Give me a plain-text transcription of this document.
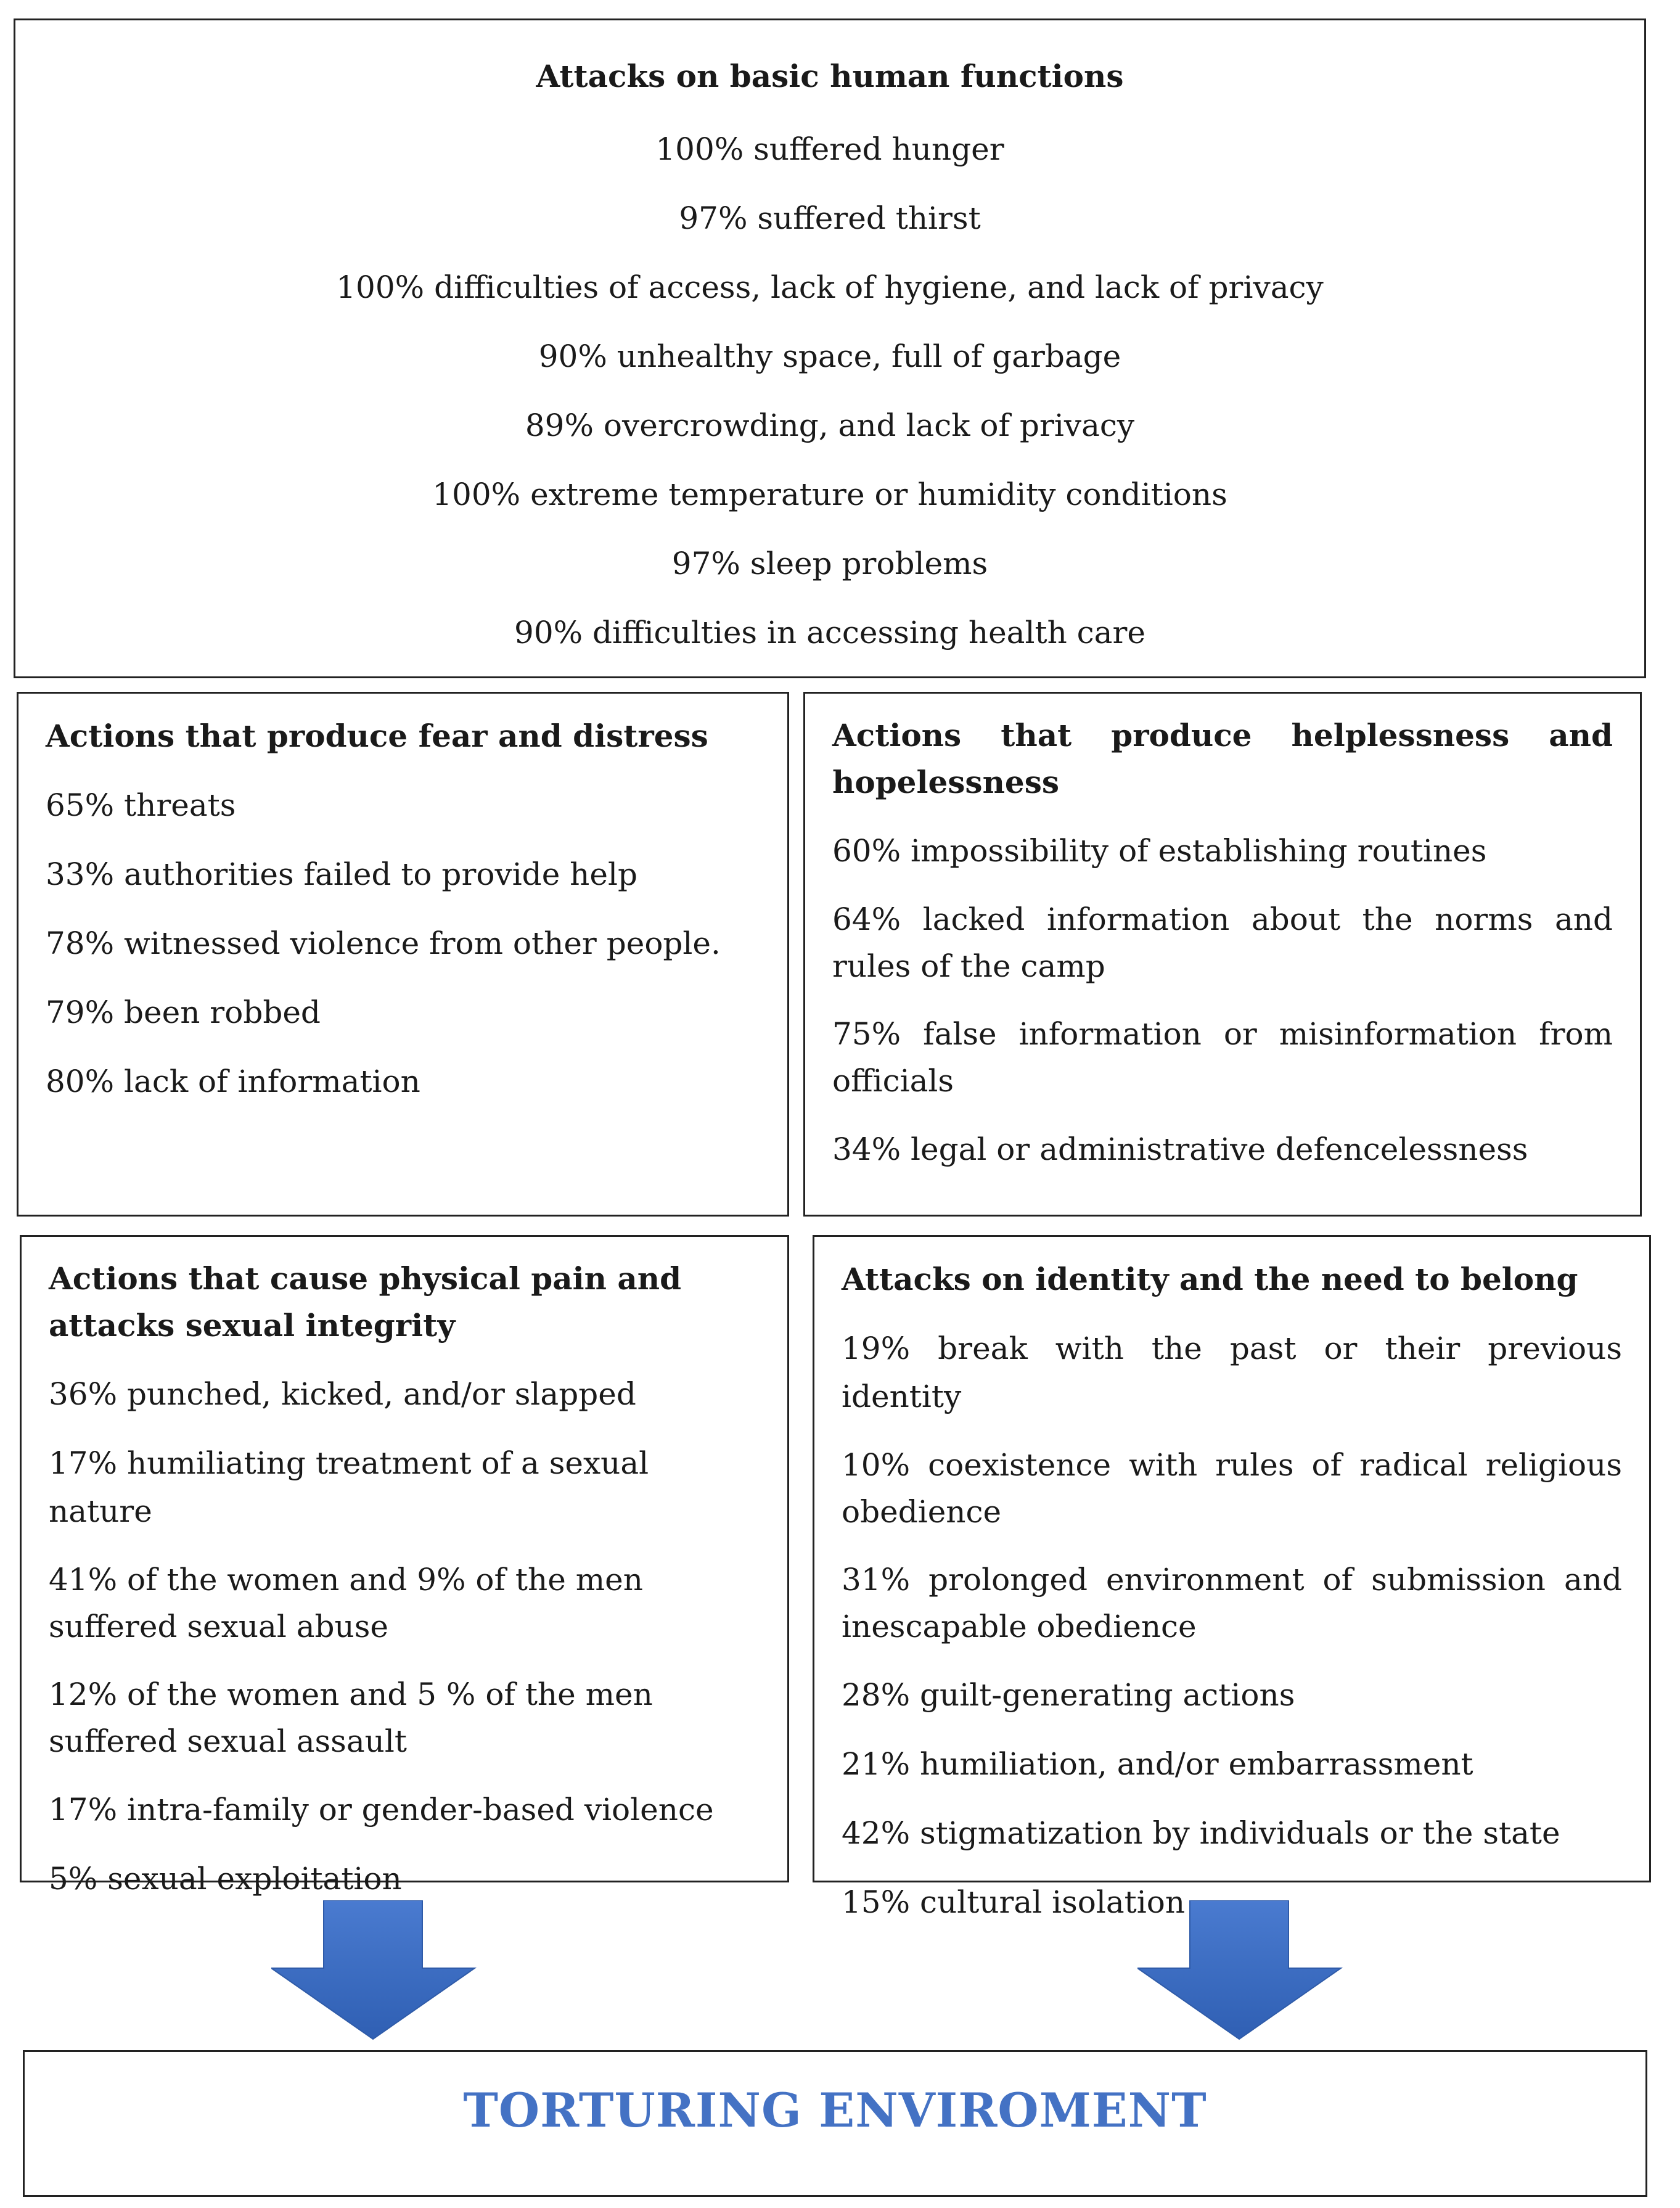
Attacks on basic human functions
100% suffered hunger
97% suffered thirst
100% difficulties of access, lack of hygiene, and lack of privacy
90% unhealthy space, full of garbage
89% overcrowding, and lack of privacy
100% extreme temperature or humidity conditions
97% sleep problems
90% difficulties in accessing health care
Actions that produce fear and distress
65% threats
33% authorities failed to provide help
78% witnessed violence from other people.
79% been robbed
80% lack of information
Actions that produce helplessness and hopelessness
60% impossibility of establishing routines
64% lacked information about the norms and rules of the camp
75% false information or misinformation from officials
34% legal or administrative defencelessness
Actions that cause physical pain and attacks sexual integrity
36% punched, kicked, and/or slapped
17% humiliating treatment of a sexual nature
41% of the women and 9% of the men suffered sexual abuse
12% of the women and 5 % of the men suffered sexual assault
17% intra-family or gender-based violence
5% sexual exploitation
Attacks on identity and the need to belong
19% break with the past or their previous identity
10% coexistence with rules of radical religious obedience
31% prolonged environment of submission and inescapable obedience
28% guilt-generating actions
21% humiliation, and/or embarrassment
42% stigmatization by individuals or the state
15% cultural isolation
TORTURING ENVIROMENT
